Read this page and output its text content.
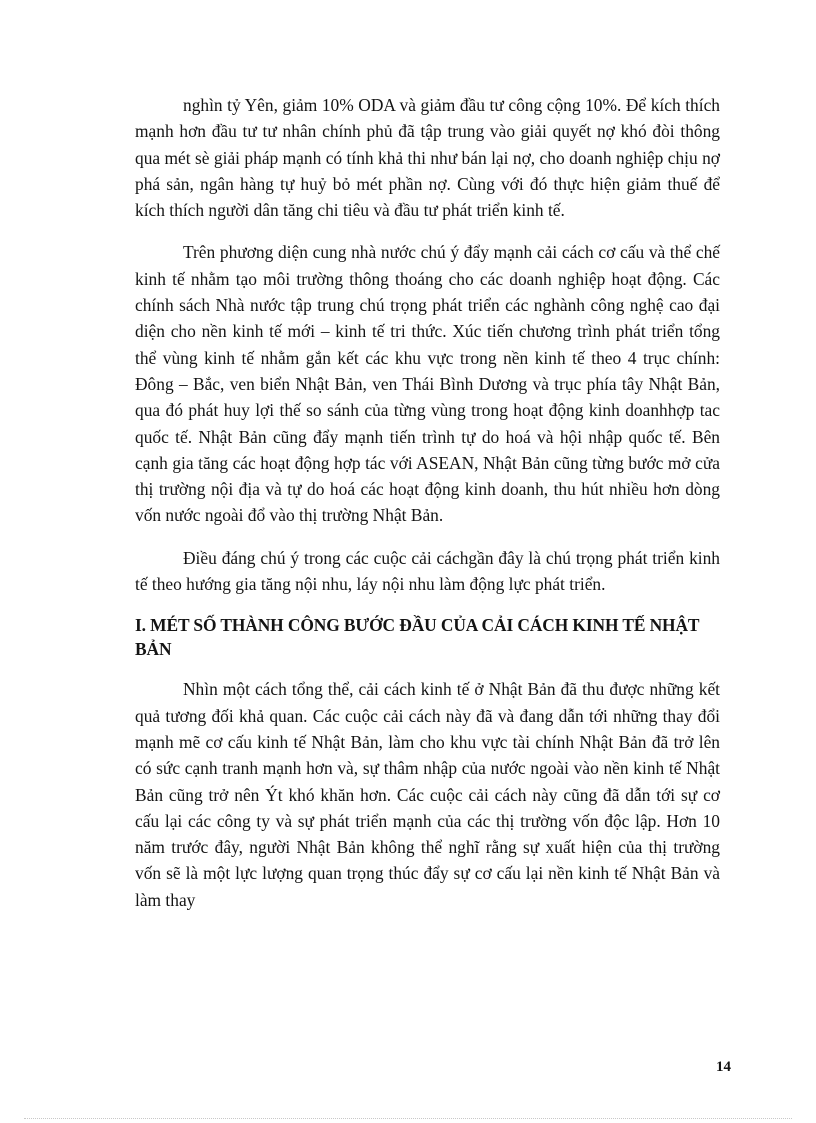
nghìn tỷ Yên, giảm 10% ODA và giảm đầu tư công cộng 10%. Để kích thích mạnh hơn đầu tư tư nhân chính phủ đã tập trung vào giải quyết nợ khó đòi thông qua mét sè giải pháp mạnh có tính khả thi như bán lại nợ, cho doanh nghiệp chịu nợ phá sản, ngân hàng tự huỷ bỏ mét phần nợ. Cùng với đó thực hiện giảm thuế để kích thích người dân tăng chi tiêu và đầu tư phát triển kinh tế.

Trên phương diện cung nhà nước chú ý đẩy mạnh cải cách cơ cấu và thể chế kinh tế nhằm tạo môi trường thông thoáng cho các doanh nghiệp hoạt động. Các chính sách Nhà nước tập trung chú trọng phát triển các nghành công nghệ cao đại diện cho nền kinh tế mới – kinh tế tri thức. Xúc tiến chương trình phát triển tổng thể vùng kinh tế nhằm gắn kết các khu vực trong nền kinh tế theo 4 trục chính: Đông – Bắc, ven biển Nhật Bản, ven Thái Bình Dương và trục phía tây Nhật Bản, qua đó phát huy lợi thế so sánh của từng vùng trong hoạt động kinh doanhhợp tac quốc tế. Nhật Bản cũng đẩy mạnh tiến trình tự do hoá và hội nhập quốc tế. Bên cạnh gia tăng các hoạt động hợp tác với ASEAN, Nhật Bản cũng từng bước mở cửa thị trường nội địa và tự do hoá các hoạt động kinh doanh, thu hút nhiều hơn dòng vốn nước ngoài đổ vào thị trường Nhật Bản.

Điều đáng chú ý trong các cuộc cải cáchgần đây là chú trọng phát triển kinh tế theo hướng gia tăng nội nhu, láy nội nhu làm động lực phát triển.

I. MÉT SỐ THÀNH CÔNG BƯỚC ĐẦU CỦA CẢI CÁCH KINH TẾ NHẬT BẢN

Nhìn một cách tổng thể, cải cách kinh tế ở Nhật Bản đã thu được những kết quả tương đối khả quan. Các cuộc cải cách này đã và đang dẫn tới những thay đổi mạnh mẽ cơ cấu kinh tế Nhật Bản, làm cho khu vực tài chính Nhật Bản đã trở lên có sức cạnh tranh mạnh hơn và, sự thâm nhập của nước ngoài vào nền kinh tế Nhật Bản cũng trở nên Ýt khó khăn hơn. Các cuộc cải cách này cũng đã dẫn tới sự cơ cấu lại các công ty và sự phát triển mạnh của các thị trường vốn độc lập. Hơn 10 năm trước đây, người Nhật Bản không thể nghĩ rằng sự xuất hiện của thị trường vốn sẽ là một lực lượng quan trọng thúc đẩy sự cơ cấu lại nền kinh tế Nhật Bản và làm thay

14
